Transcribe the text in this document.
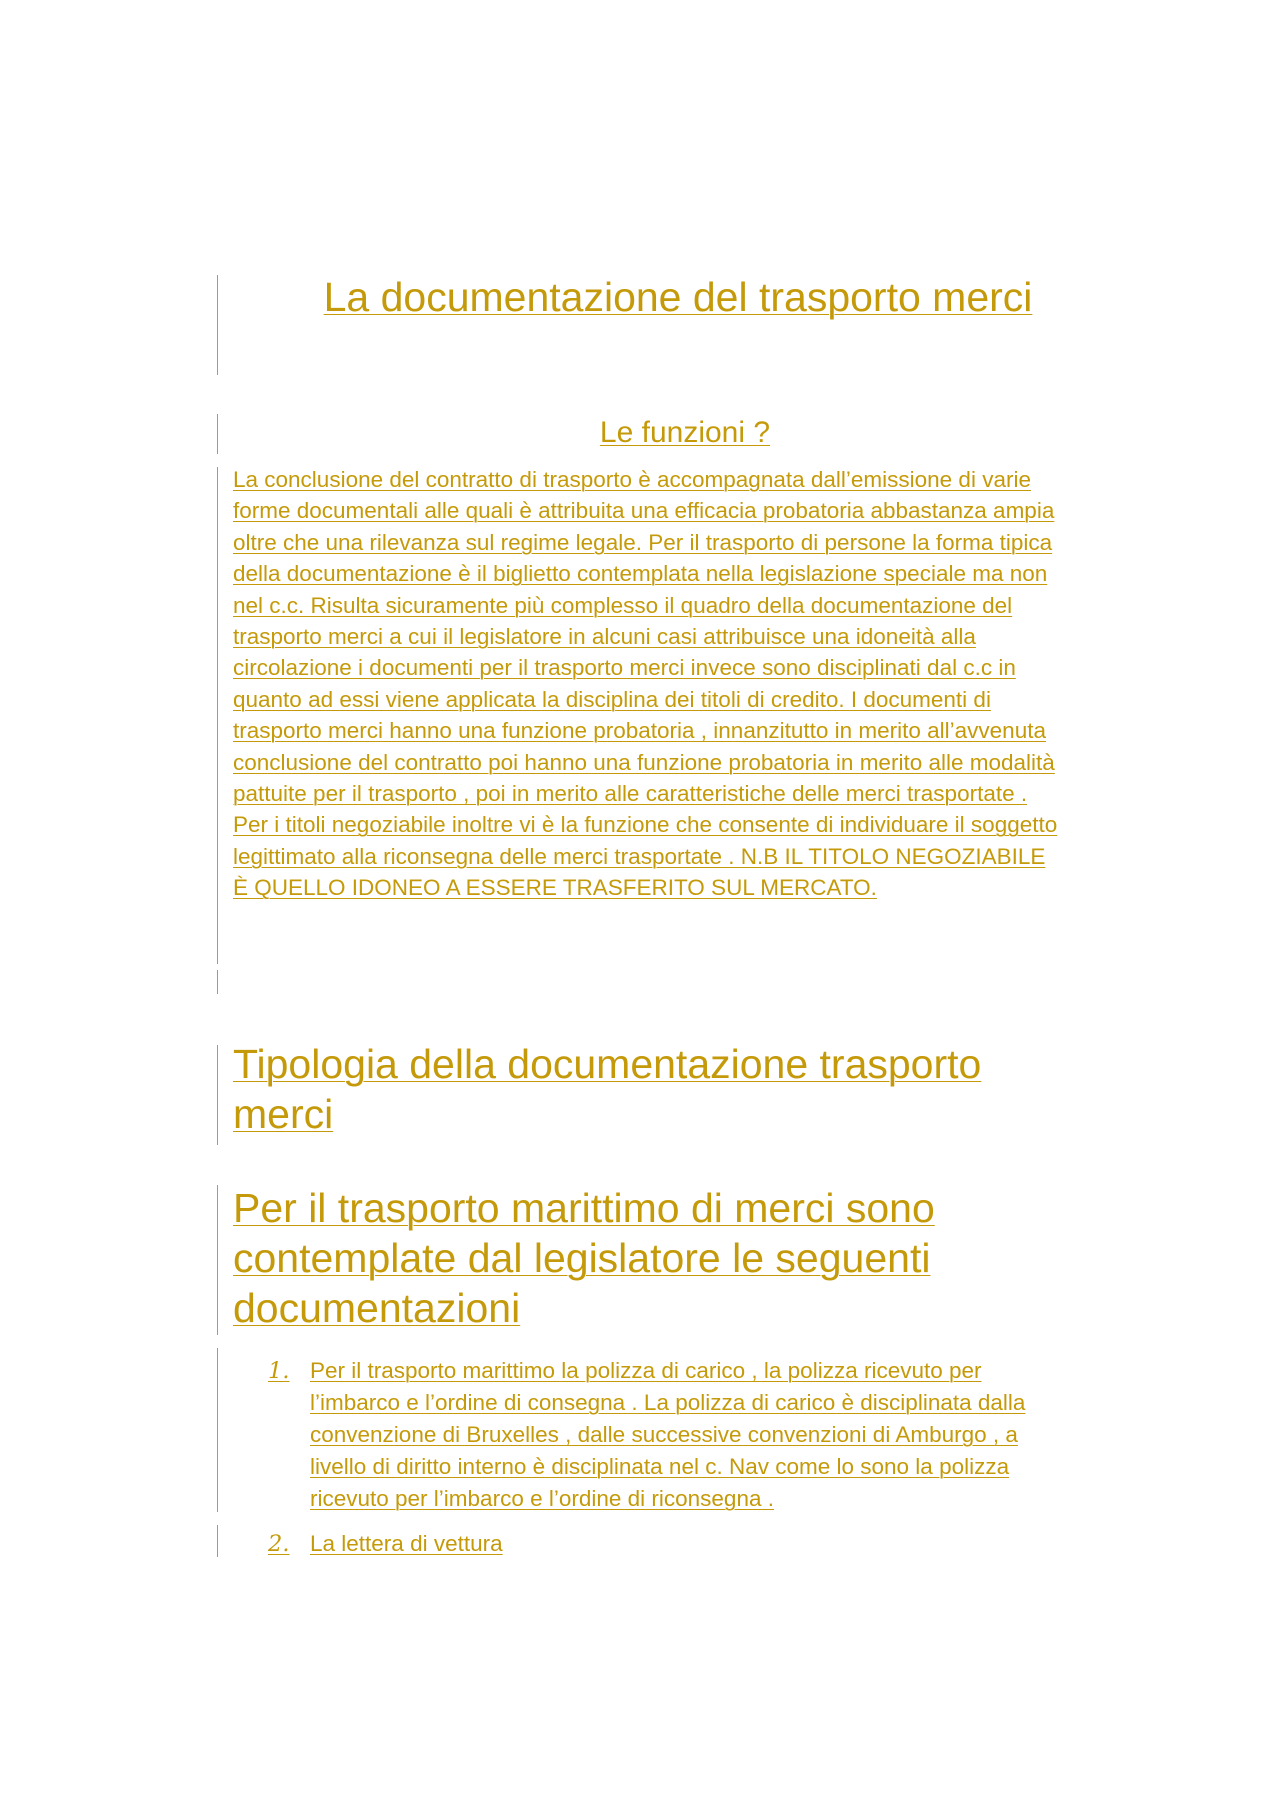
La documentazione del trasporto merci
Le funzioni ?

La conclusione del contratto di trasporto è accompagnata dall’emissione di varie forme documentali alle quali è attribuita una efficacia probatoria abbastanza ampia oltre che una rilevanza sul regime legale. Per il trasporto di persone la forma tipica della documentazione è il biglietto contemplata nella legislazione speciale ma non nel c.c. Risulta sicuramente più complesso il quadro della documentazione del trasporto merci a cui il legislatore in alcuni casi attribuisce una idoneità alla circolazione i documenti per il trasporto merci invece sono disciplinati dal c.c in quanto ad essi viene applicata la disciplina dei titoli di credito. I documenti di trasporto merci hanno una funzione probatoria , innanzitutto in merito all’avvenuta conclusione del contratto poi hanno una funzione probatoria in merito alle modalità pattuite per il trasporto , poi in merito alle caratteristiche delle merci trasportate . Per i titoli negoziabile inoltre vi è la funzione che consente di individuare il soggetto legittimato alla riconsegna delle merci trasportate . N.B IL TITOLO NEGOZIABILE È QUELLO IDONEO A ESSERE TRASFERITO SUL MERCATO.

Tipologia della documentazione trasporto merci
Per il trasporto marittimo di merci sono contemplate dal legislatore le seguenti documentazioni
1. Per il trasporto marittimo la polizza di carico , la polizza ricevuto per l’imbarco e l’ordine di consegna . La polizza di carico è disciplinata dalla convenzione di Bruxelles , dalle successive convenzioni di Amburgo , a livello di diritto interno è disciplinata nel c. Nav come lo sono la polizza ricevuto per l’imbarco e l’ordine di riconsegna .
2. La lettera di vettura
